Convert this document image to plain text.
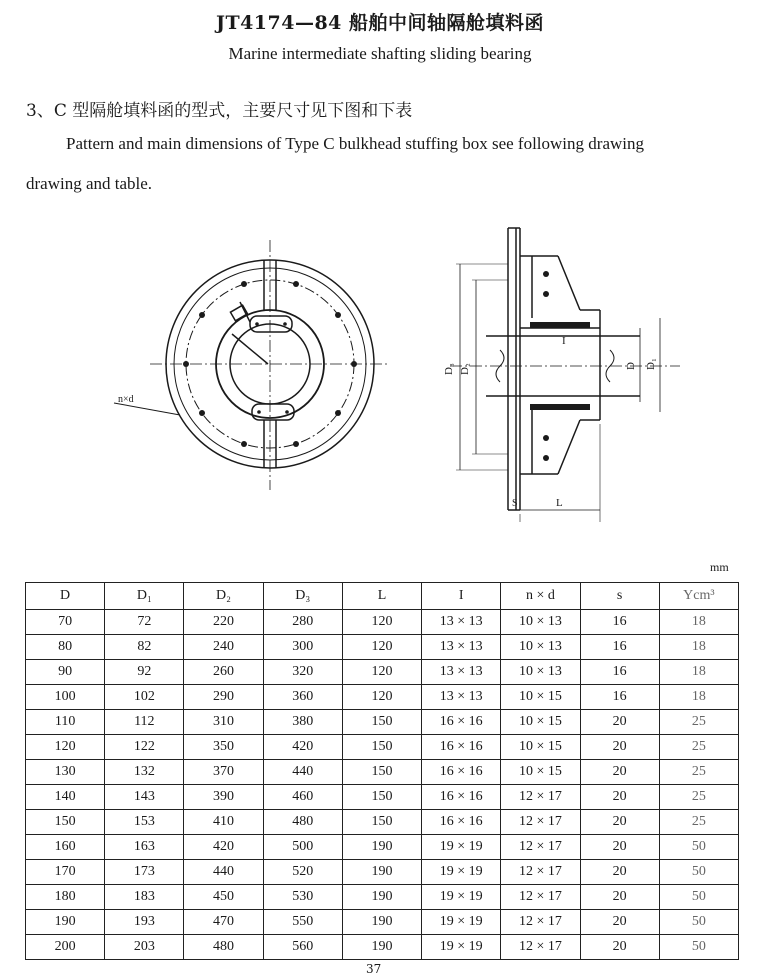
JT4174—84 船舶中间轴隔舱填料函
Marine intermediate shafting sliding bearing
3、C 型隔舱填料函的型式，主要尺寸见下图和下表
Pattern and main dimensions of Type C bulkhead stuffing box see following drawing
drawing and table.
n×d
D₃ D₂	D D₁
I
S	L
mm
D	D₁	D₂	D₃	L	I	n × d	s	Ycm³
70	72	220	280	120	13 × 13	10 × 13	16	18
80	82	240	300	120	13 × 13	10 × 13	16	18
90	92	260	320	120	13 × 13	10 × 13	16	18
100	102	290	360	120	13 × 13	10 × 15	16	18
110	112	310	380	150	16 × 16	10 × 15	20	25
120	122	350	420	150	16 × 16	10 × 15	20	25
130	132	370	440	150	16 × 16	10 × 15	20	25
140	143	390	460	150	16 × 16	12 × 17	20	25
150	153	410	480	150	16 × 16	12 × 17	20	25
160	163	420	500	190	19 × 19	12 × 17	20	50
170	173	440	520	190	19 × 19	12 × 17	20	50
180	183	450	530	190	19 × 19	12 × 17	20	50
190	193	470	550	190	19 × 19	12 × 17	20	50
200	203	480	560	190	19 × 19	12 × 17	20	50
37
